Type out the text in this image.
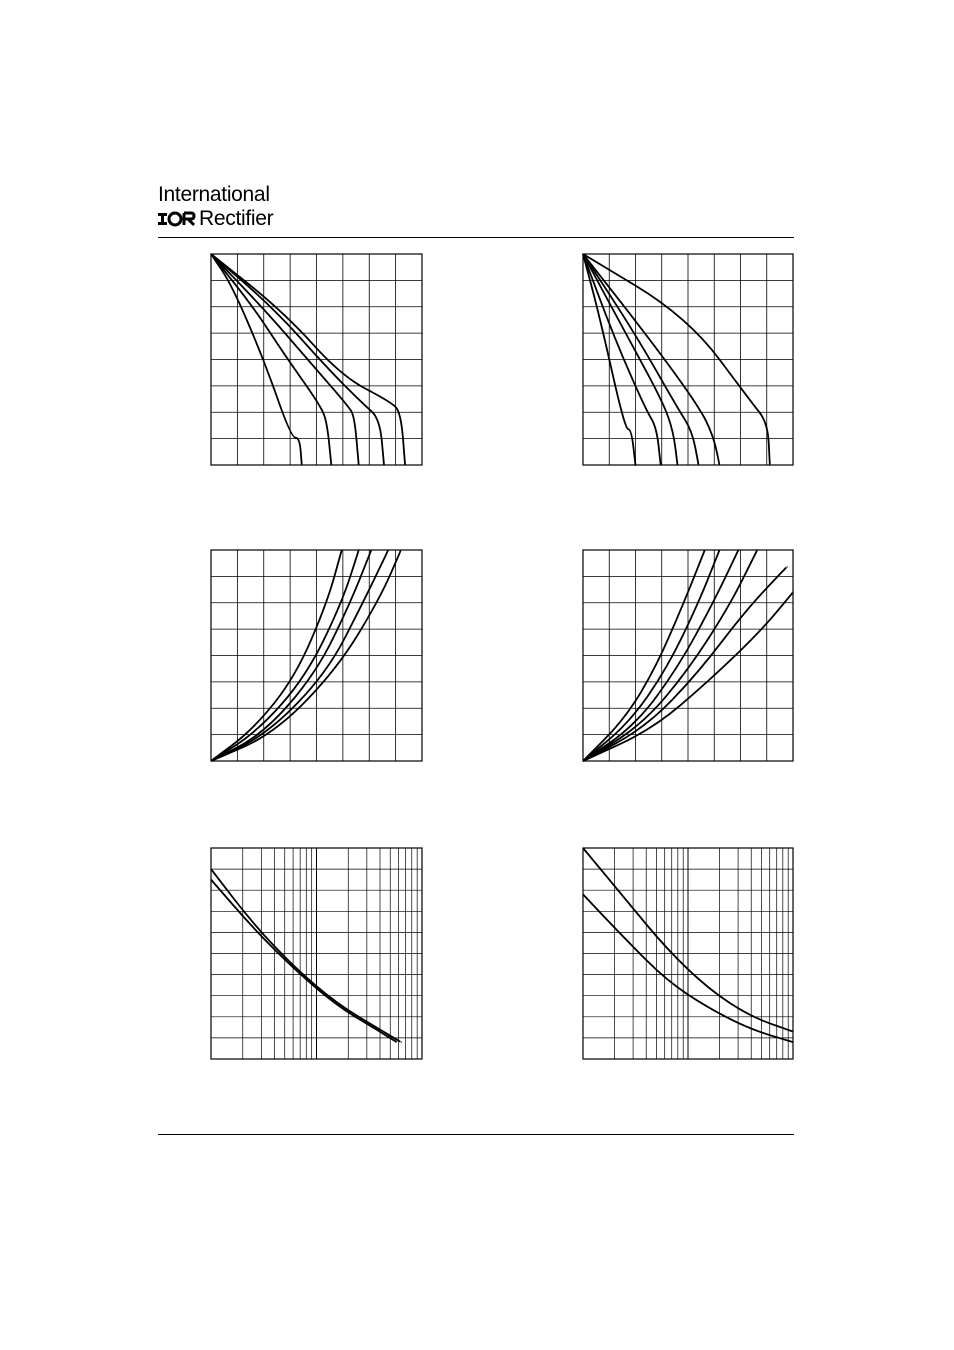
International
Rectifier
